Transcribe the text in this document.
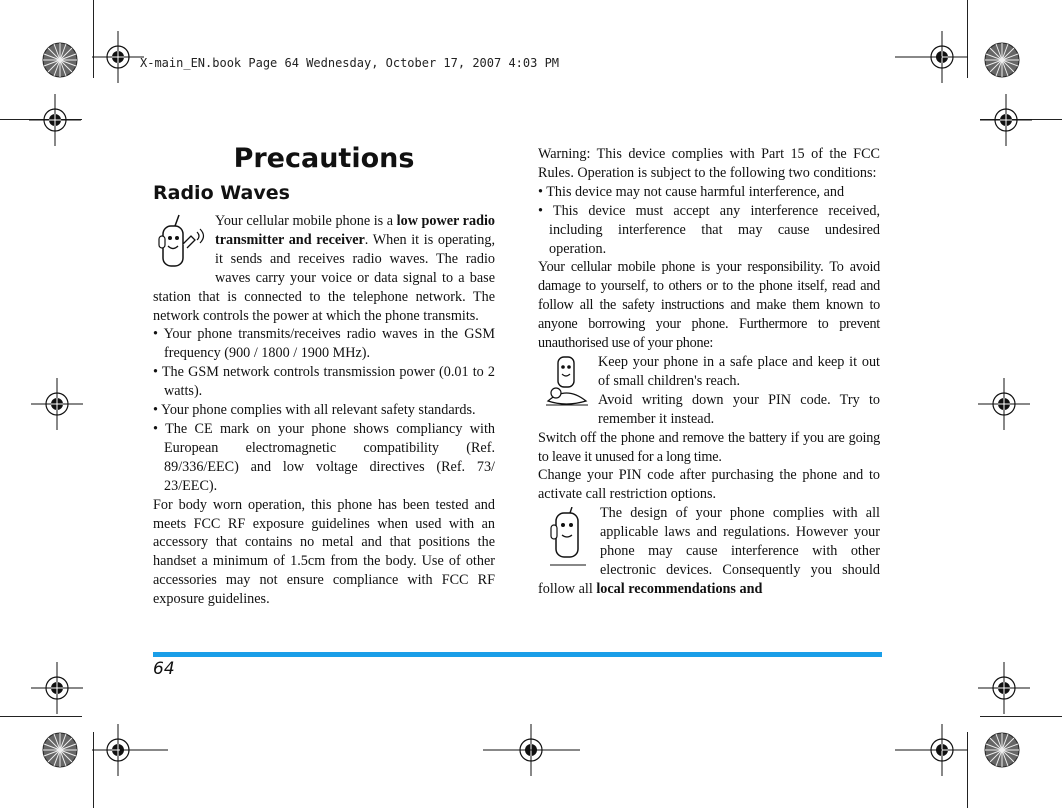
X-main_EN.book Page 64 Wednesday, October 17, 2007 4:03 PM
Precautions
Radio Waves

Your cellular mobile phone is a low power radio transmitter and receiver. When it is operating, it sends and receives radio waves. The radio waves carry your voice or data signal to a base station that is connected to the telephone network. The network controls the power at which the phone transmits.

• Your phone transmits/receives radio waves in the GSM frequency (900 / 1800 / 1900 MHz).
• The GSM network controls transmission power (0.01 to 2 watts).
• Your phone complies with all relevant safety standards.
• The CE mark on your phone shows compliancy with European electromagnetic compatibility (Ref. 89/336/EEC) and low voltage directives (Ref. 73/ 23/EEC).

For body worn operation, this phone has been tested and meets FCC RF exposure guidelines when used with an accessory that contains no metal and that positions the handset a minimum of 1.5cm from the body. Use of other accessories may not ensure compliance with FCC RF exposure guidelines.

Warning: This device complies with Part 15 of the FCC Rules. Operation is subject to the following two conditions:

• This device may not cause harmful interference, and
• This device must accept any interference received, including interference that may cause undesired operation.

Your cellular mobile phone is your responsibility. To avoid damage to yourself, to others or to the phone itself, read and follow all the safety instructions and make them known to anyone borrowing your phone. Furthermore to prevent unauthorised use of your phone:

Keep your phone in a safe place and keep it out of small children's reach.

Avoid writing down your PIN code. Try to remember it instead.

Switch off the phone and remove the battery if you are going to leave it unused for a long time.

Change your PIN code after purchasing the phone and to activate call restriction options.

The design of your phone complies with all applicable laws and regulations. However your phone may cause interference with other electronic devices. Consequently you should follow all local recommendations and

64
